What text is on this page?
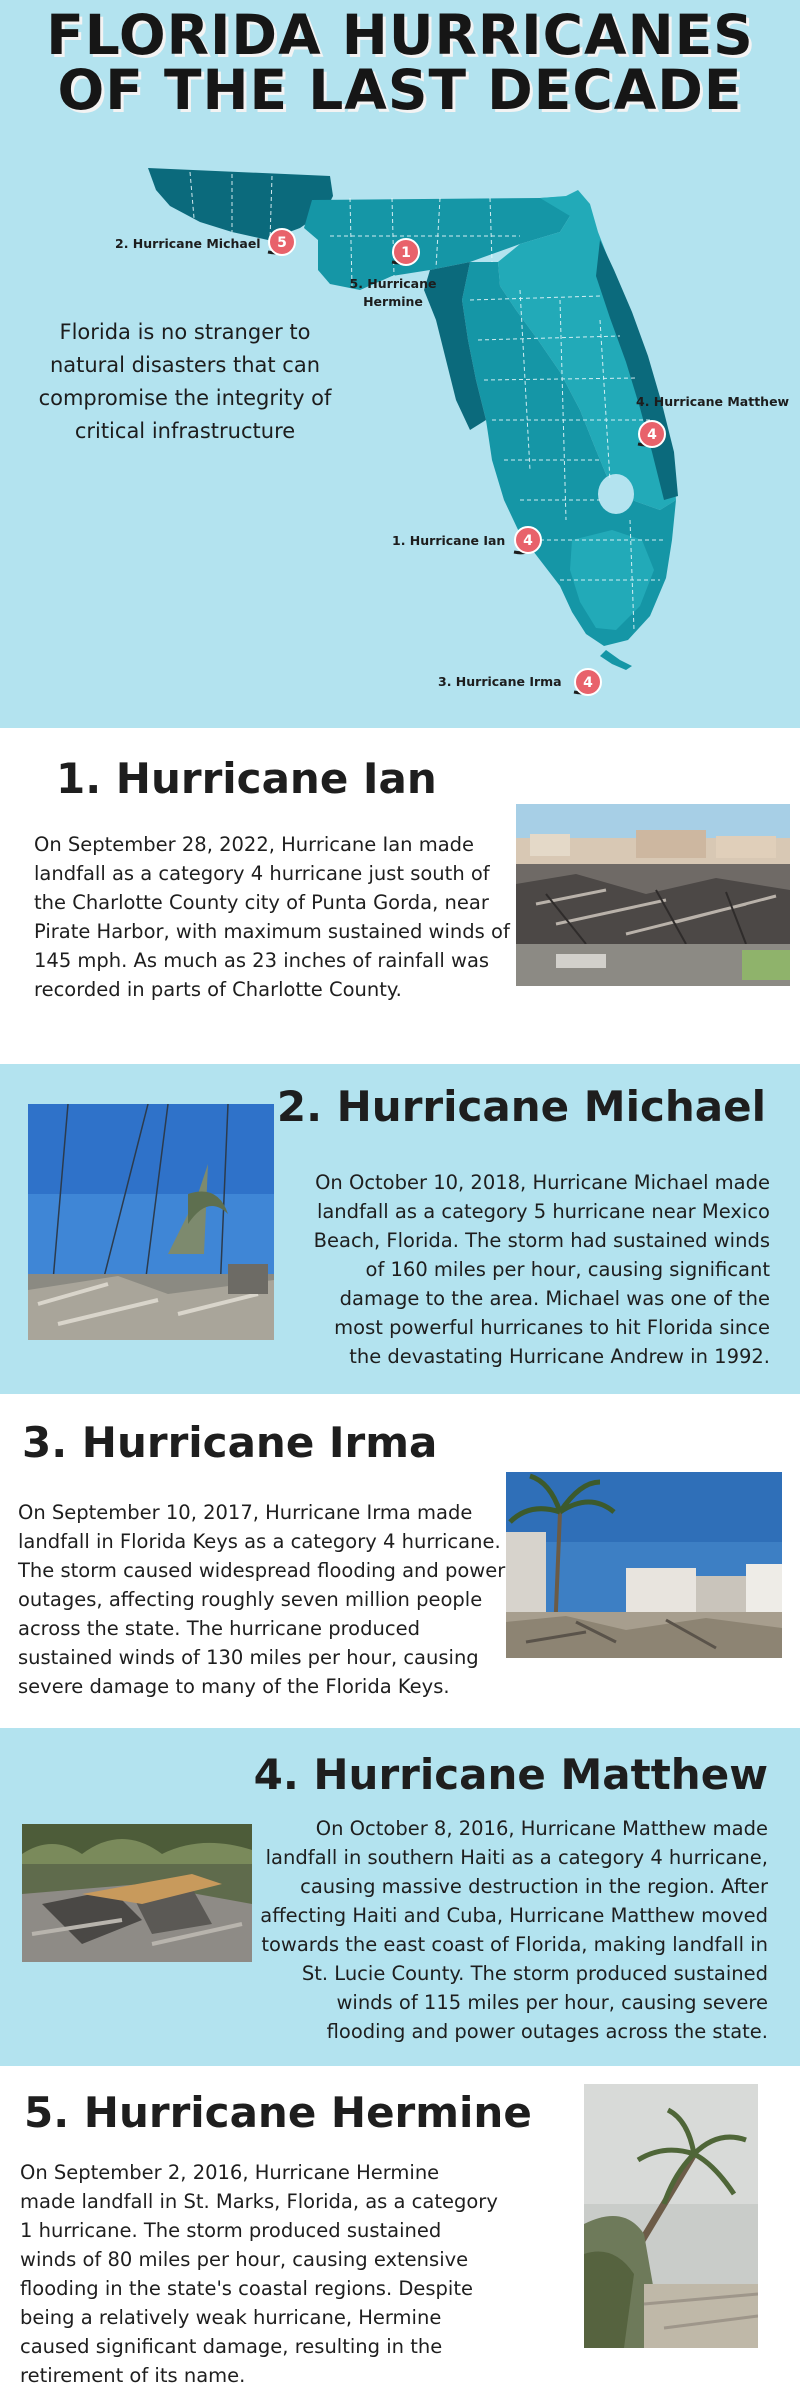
FLORIDA HURRICANES
OF THE LAST DECADE
5
1
4
4
4
2. Hurricane Michael
5. Hurricane
Hermine
4. Hurricane Matthew
1. Hurricane Ian
3. Hurricane Irma
Florida is no stranger to natural disasters that can compromise the integrity of critical infrastructure
1. Hurricane Ian
On September 28, 2022, Hurricane Ian made landfall as a category 4 hurricane just south of the Charlotte County city of Punta Gorda, near Pirate Harbor, with maximum sustained winds of 145 mph. As much as 23 inches of rainfall was recorded in parts of Charlotte County.
2. Hurricane Michael
On October 10, 2018, Hurricane Michael made landfall as a category 5 hurricane near Mexico Beach, Florida. The storm had sustained winds of 160 miles per hour, causing significant damage to the area. Michael was one of the most powerful hurricanes to hit Florida since the devastating Hurricane Andrew in 1992.
3. Hurricane Irma
On September 10, 2017, Hurricane Irma made landfall in Florida Keys as a category 4 hurricane. The storm caused widespread flooding and power outages, affecting roughly seven million people across the state. The hurricane produced sustained winds of 130 miles per hour, causing severe damage to many of the Florida Keys.
4. Hurricane Matthew
On October 8, 2016, Hurricane Matthew made landfall in southern Haiti as a category 4 hurricane, causing massive destruction in the region. After affecting Haiti and Cuba, Hurricane Matthew moved towards the east coast of Florida, making landfall in St. Lucie County. The storm produced sustained winds of 115 miles per hour, causing severe flooding and power outages across the state.
5. Hurricane Hermine
On September 2, 2016, Hurricane Hermine made landfall in St. Marks, Florida, as a category 1 hurricane. The storm produced sustained winds of 80 miles per hour, causing extensive flooding in the state's coastal regions. Despite being a relatively weak hurricane, Hermine caused significant damage, resulting in the retirement of its name.
